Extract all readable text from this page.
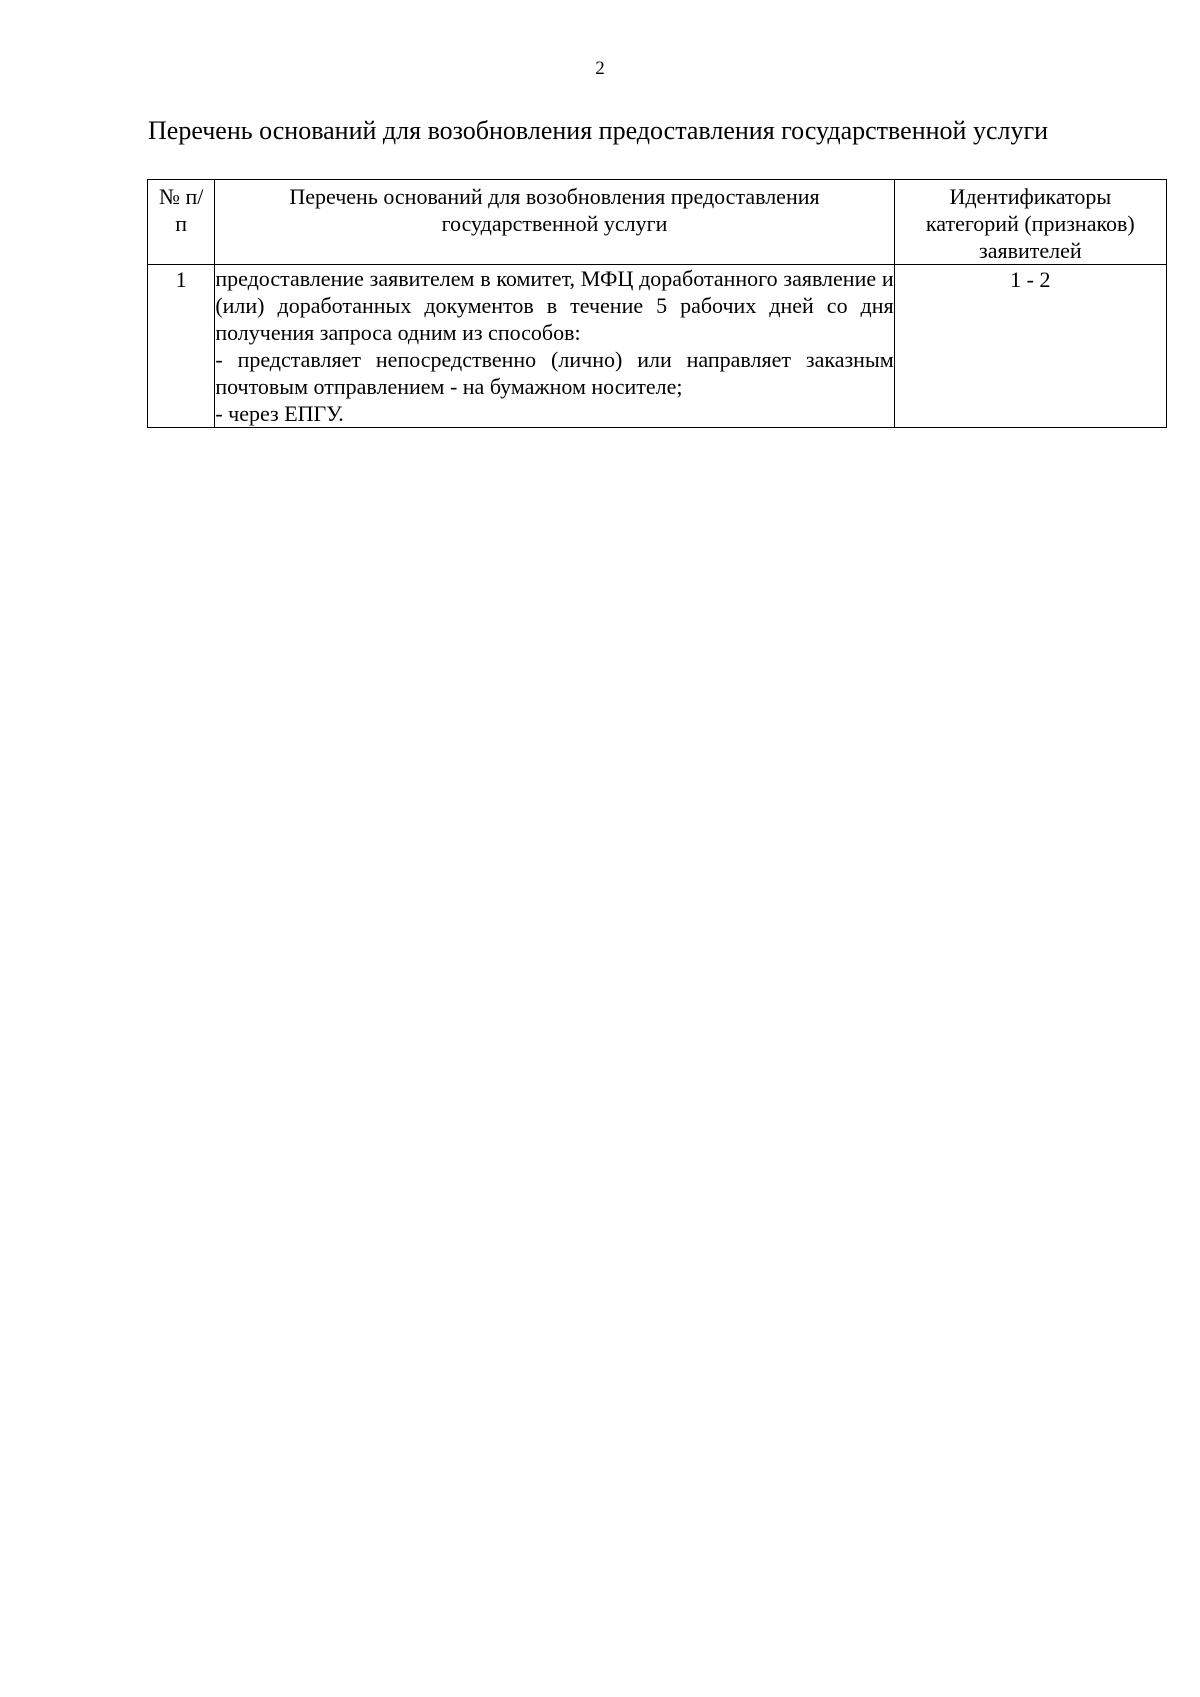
2
Перечень оснований для возобновления предоставления государственной услуги
№ п/п	Перечень оснований для возобновления предоставления государственной услуги	Идентификаторы категорий (признаков) заявителей

1	предоставление заявителем в комитет, МФЦ доработанного заявление и (или) доработанных документов в течение 5 рабочих дней со дня получения запроса одним из способов:
- представляет непосредственно (лично) или направляет заказным почтовым отправлением - на бумажном носителе;
- через ЕПГУ.	1 - 2
